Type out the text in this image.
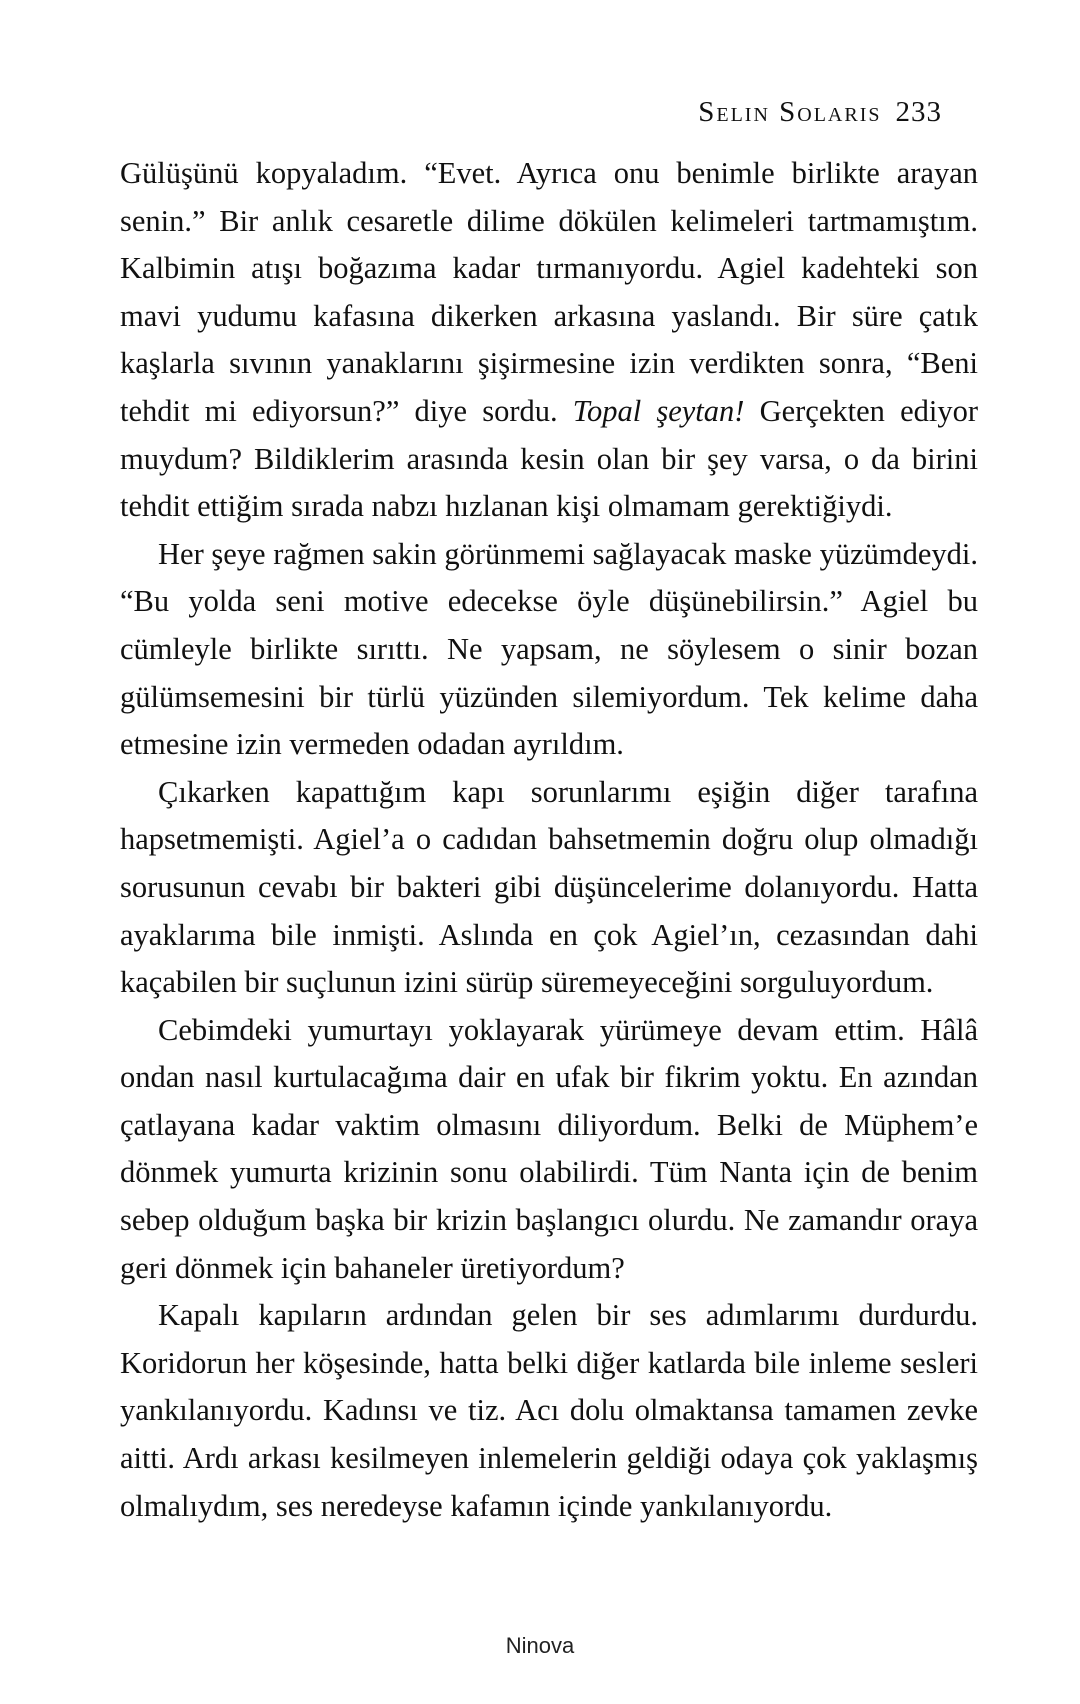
Selin Solaris 233

Gülüşünü kopyaladım. “Evet. Ayrıca onu benimle birlikte arayan senin.” Bir anlık cesaretle dilime dökülen kelimeleri tartmamıştım. Kalbimin atışı boğazıma kadar tırmanıyordu. Agiel kadehteki son mavi yudumu kafasına dikerken arkasına yaslandı. Bir süre çatık kaşlarla sıvının yanaklarını şişirmesine izin verdikten sonra, “Beni tehdit mi ediyorsun?” diye sordu. Topal şeytan! Gerçekten ediyor muydum? Bildiklerim arasında kesin olan bir şey varsa, o da birini tehdit ettiğim sırada nabzı hızlanan kişi olmamam gerektiğiydi.

Her şeye rağmen sakin görünmemi sağlayacak maske yüzümdeydi. “Bu yolda seni motive edecekse öyle düşünebilirsin.” Agiel bu cümleyle birlikte sırıttı. Ne yapsam, ne söylesem o sinir bozan gülümsemesini bir türlü yüzünden silemiyordum. Tek kelime daha etmesine izin vermeden odadan ayrıldım.

Çıkarken kapattığım kapı sorunlarımı eşiğin diğer tarafına hapsetmemişti. Agiel’a o cadıdan bahsetmemin doğru olup olmadığı sorusunun cevabı bir bakteri gibi düşüncelerime dolanıyordu. Hatta ayaklarıma bile inmişti. Aslında en çok Agiel’ın, cezasından dahi kaçabilen bir suçlunun izini sürüp süremeyeceğini sorguluyordum.

Cebimdeki yumurtayı yoklayarak yürümeye devam ettim. Hâlâ ondan nasıl kurtulacağıma dair en ufak bir fikrim yoktu. En azından çatlayana kadar vaktim olmasını diliyordum. Belki de Müphem’e dönmek yumurta krizinin sonu olabilirdi. Tüm Nanta için de benim sebep olduğum başka bir krizin başlangıcı olurdu. Ne zamandır oraya geri dönmek için bahaneler üretiyordum?

Kapalı kapıların ardından gelen bir ses adımlarımı durdurdu. Koridorun her köşesinde, hatta belki diğer katlarda bile inleme sesleri yankılanıyordu. Kadınsı ve tiz. Acı dolu olmaktansa tamamen zevke aitti. Ardı arkası kesilmeyen inlemelerin geldiği odaya çok yaklaşmış olmalıydım, ses neredeyse kafamın içinde yankılanıyordu.

Ninova
